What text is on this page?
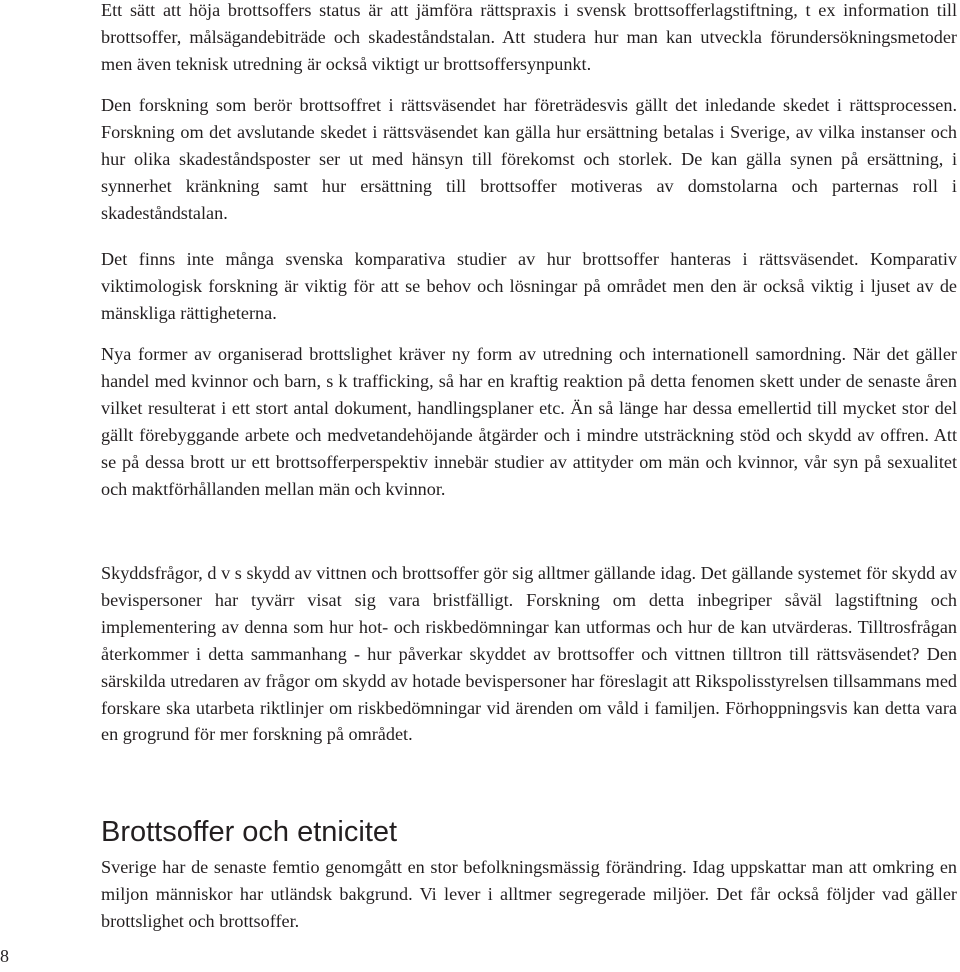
Ett sätt att höja brottsoffers status är att jämföra rättspraxis i svensk brottsofferlagstiftning, t ex information till brottsoffer, målsägandebiträde och skadeståndstalan. Att studera hur man kan utveckla förundersökningsmetoder men även teknisk utredning är också viktigt ur brottsoffersynpunkt.

Den forskning som berör brottsoffret i rättsväsendet har företrädesvis gällt det inledande skedet i rättsprocessen. Forskning om det avslutande skedet i rättsväsendet kan gälla hur ersättning betalas i Sverige, av vilka instanser och hur olika skadeståndsposter ser ut med hänsyn till förekomst och storlek. De kan gälla synen på ersättning, i synnerhet kränkning samt hur ersättning till brottsoffer motiveras av domstolarna och parternas roll i skadeståndstalan.

Det finns inte många svenska komparativa studier av hur brottsoffer hanteras i rättsväsendet. Komparativ viktimologisk forskning är viktig för att se behov och lösningar på området men den är också viktig i ljuset av de mänskliga rättigheterna.

Nya former av organiserad brottslighet kräver ny form av utredning och internationell samordning. När det gäller handel med kvinnor och barn, s k trafficking, så har en kraftig reaktion på detta fenomen skett under de senaste åren vilket resulterat i ett stort antal dokument, handlingsplaner etc. Än så länge har dessa emellertid till mycket stor del gällt förebyggande arbete och medvetandehöjande åtgärder och i mindre utsträckning stöd och skydd av offren. Att se på dessa brott ur ett brottsofferperspektiv innebär studier av attityder om män och kvinnor, vår syn på sexualitet och maktförhållanden mellan män och kvinnor.

Skyddsfrågor, d v s skydd av vittnen och brottsoffer gör sig alltmer gällande idag. Det gällande systemet för skydd av bevispersoner har tyvärr visat sig vara bristfälligt. Forskning om detta inbegriper såväl lagstiftning och implementering av denna som hur hot- och riskbedömningar kan utformas och hur de kan utvärderas. Tilltrosfrågan återkommer i detta sammanhang - hur påverkar skyddet av brottsoffer och vittnen tilltron till rättsväsendet? Den särskilda utredaren av frågor om skydd av hotade bevispersoner har föreslagit att Rikspolisstyrelsen tillsammans med forskare ska utarbeta riktlinjer om riskbedömningar vid ärenden om våld i familjen. Förhoppningsvis kan detta vara en grogrund för mer forskning på området.

Brottsoffer och etnicitet

Sverige har de senaste femtio genomgått en stor befolkningsmässig förändring. Idag uppskattar man att omkring en miljon människor har utländsk bakgrund. Vi lever i alltmer segregerade miljöer. Det får också följder vad gäller brottslighet och brottsoffer.

8
